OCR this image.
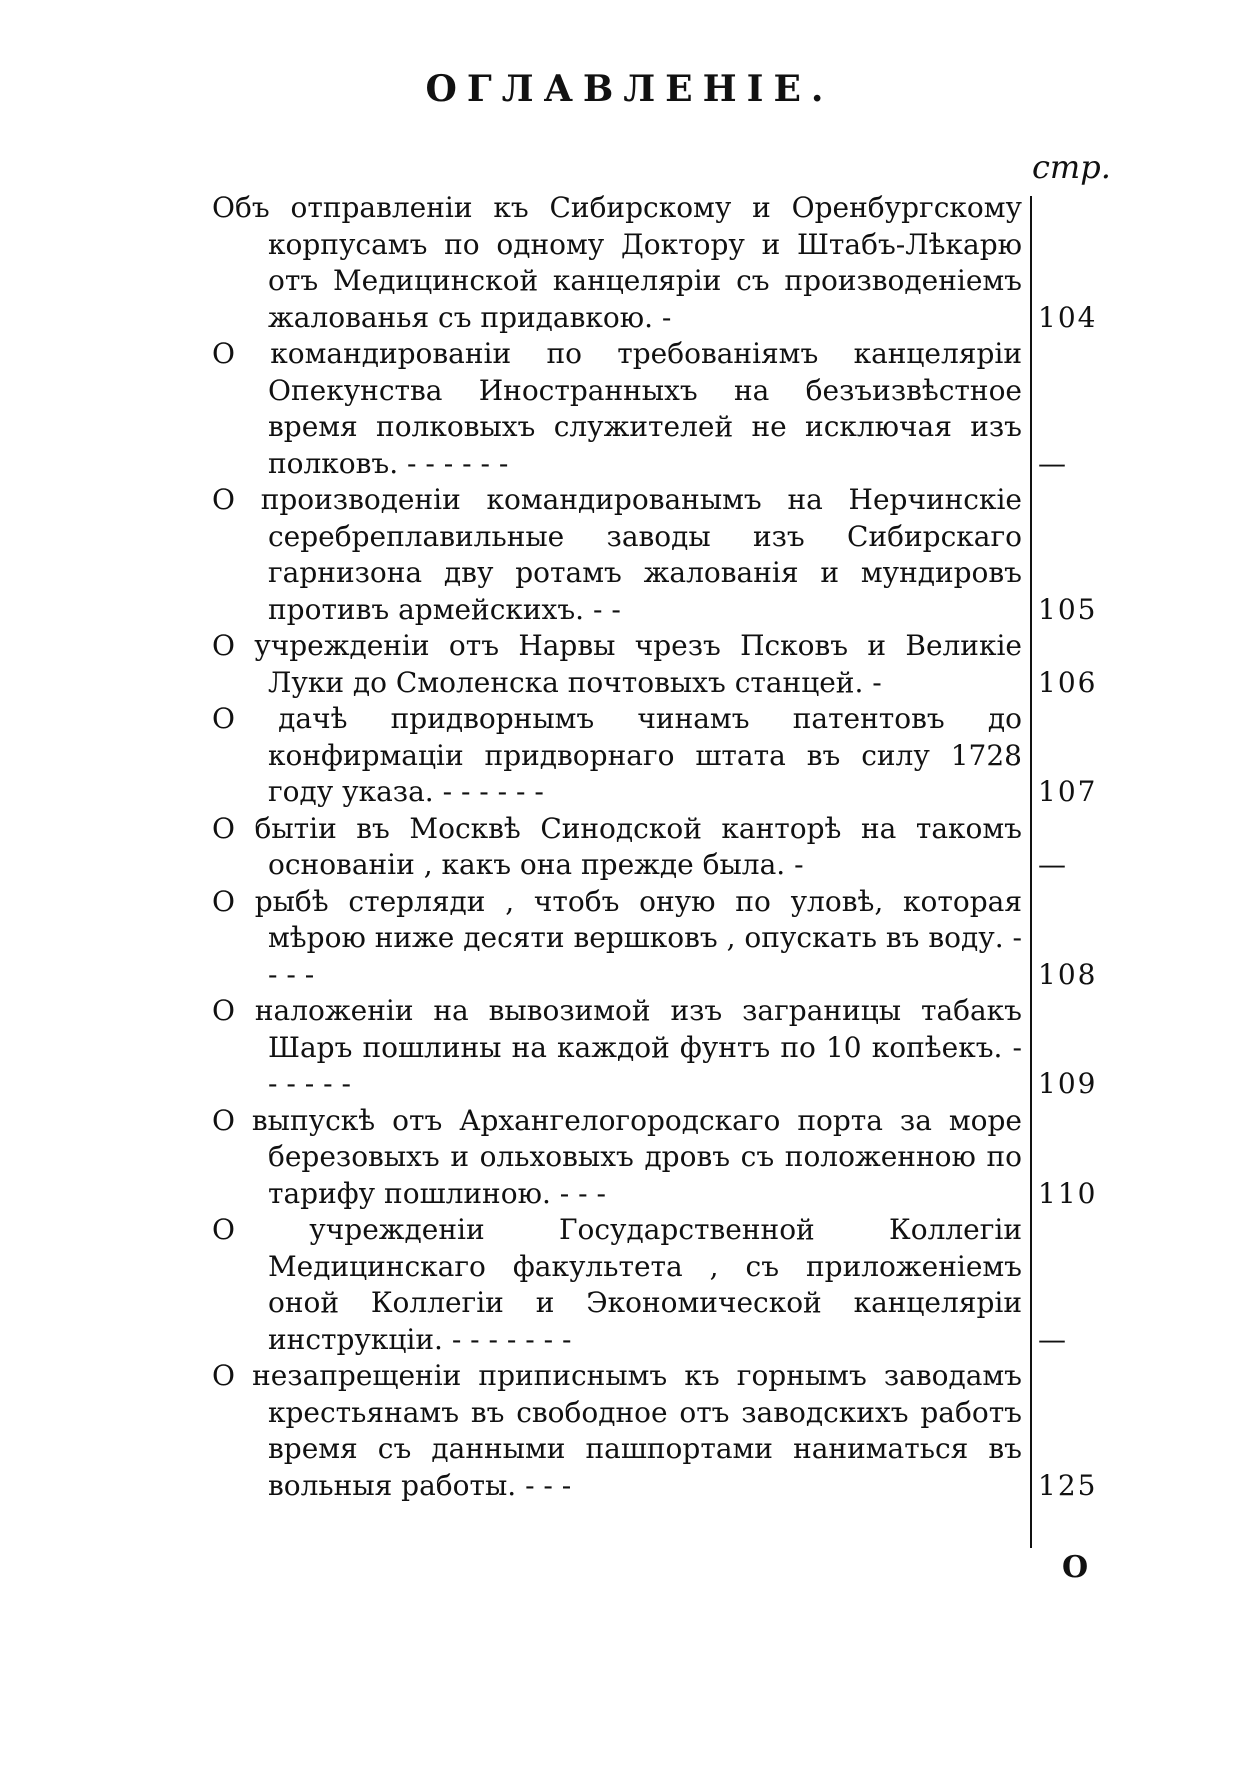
ОГЛАВЛЕНІЕ.
стр.
Объ отправленіи къ Сибирскому и Оренбургскому корпусамъ по одному Доктору и Штабъ-Лѣкарю отъ Медицинской канцеляріи съ производеніемъ жалованья съ придавкою. -	104
О командированіи по требованіямъ канцеляріи Опекунства Иностранныхъ на безъизвѣстное время полковыхъ служителей не исключая изъ полковъ. - - - - - -	—
О производеніи командированымъ на Нерчинскіе серебреплавильные заводы изъ Сибирскаго гарнизона дву ротамъ жалованія и мундировъ противъ армейскихъ. - -	105
О учрежденіи отъ Нарвы чрезъ Псковъ и Великіе Луки до Смоленска почтовыхъ станцей. -	106
О дачѣ придворнымъ чинамъ патентовъ до конфирмаціи придворнаго штата въ силу 1728 году указа. - - - - - -	107
О бытіи въ Москвѣ Синодской канторѣ на такомъ основаніи , какъ она прежде была. -	—
О рыбѣ стерляди , чтобъ оную по уловѣ, которая мѣрою ниже десяти вершковъ , опускать въ воду. - - - -	108
О наложеніи на вывозимой изъ заграницы табакъ Шаръ пошлины на каждой фунтъ по 10 копѣекъ. - - - - - -	109
О выпускѣ отъ Архангелогородскаго порта за море березовыхъ и ольховыхъ дровъ съ положенною по тарифу пошлиною. - - -	110
О учрежденіи Государственной Коллегіи Медицинскаго факультета , съ приложеніемъ оной Коллегіи и Экономической канцеляріи инструкціи. - - - - - - -	—
О незапрещеніи приписнымъ къ горнымъ заводамъ крестьянамъ въ свободное отъ заводскихъ работъ время съ данными пашпортами наниматься въ вольныя работы. - - -	125
О
